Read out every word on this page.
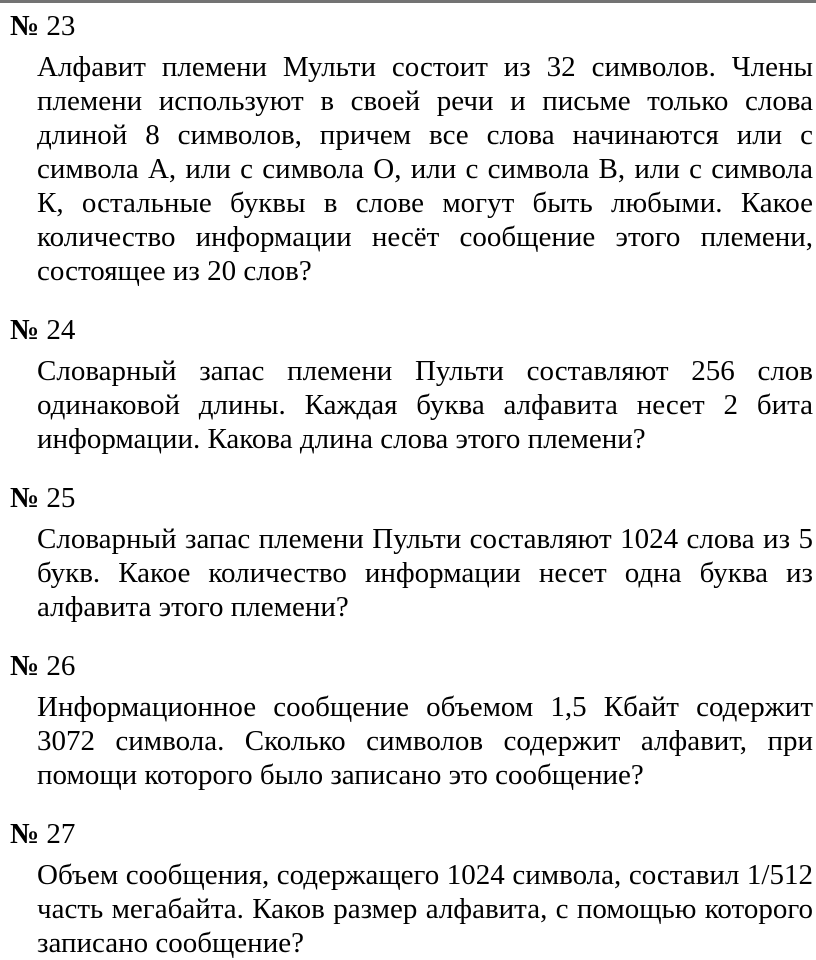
№ 23

Алфавит племени Мульти состоит из 32 символов. Члены племени используют в своей речи и письме только слова длиной 8 символов, причем все слова начинаются или с символа А, или с символа О, или с символа В, или с символа К, остальные буквы в слове могут быть любыми. Какое количество информации несёт сообщение этого племени, состоящее из 20 слов?

№ 24

Словарный запас племени Пульти составляют 256 слов одинаковой длины. Каждая буква алфавита несет 2 бита информации. Какова длина слова этого племени?

№ 25

Словарный запас племени Пульти составляют 1024 слова из 5 букв. Какое количество информации несет одна буква из алфавита этого племени?

№ 26

Информационное сообщение объемом 1,5 Кбайт содержит 3072 символа. Сколько символов содержит алфавит, при помощи которого было записано это сообщение?

№ 27

Объем сообщения, содержащего 1024 символа, составил 1/512 часть мегабайта. Каков размер алфавита, с помощью которого записано сообщение?
